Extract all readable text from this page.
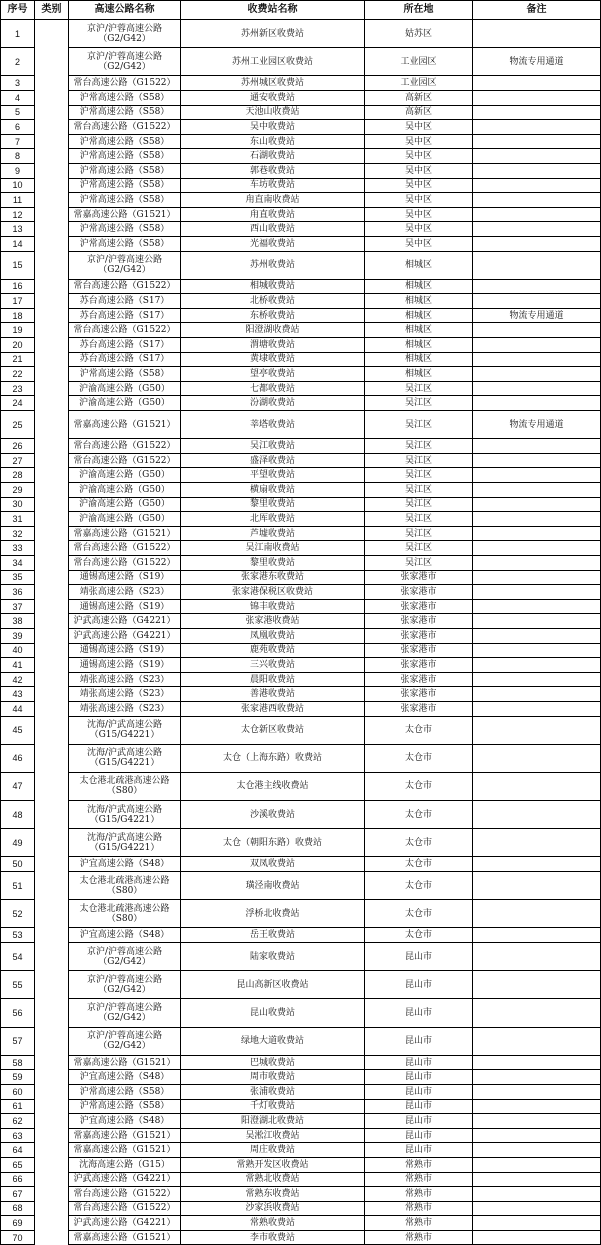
序号	类别	高速公路名称	收费站名称	所在地	备注
1		京沪/沪蓉高速公路（G2/G42）	苏州新区收费站	姑苏区	
2		京沪/沪蓉高速公路（G2/G42）	苏州工业园区收费站	工业园区	物流专用通道
3		常台高速公路（G1522）	苏州城区收费站	工业园区	
4		沪常高速公路（S58）	通安收费站	高新区	
5		沪常高速公路（S58）	天池山收费站	高新区	
6		常台高速公路（G1522）	吴中收费站	吴中区	
7		沪常高速公路（S58）	东山收费站	吴中区	
8		沪常高速公路（S58）	石湖收费站	吴中区	
9		沪常高速公路（S58）	郭巷收费站	吴中区	
10		沪常高速公路（S58）	车坊收费站	吴中区	
11		沪常高速公路（S58）	甪直南收费站	吴中区	
12		常嘉高速公路（G1521）	甪直收费站	吴中区	
13		沪常高速公路（S58）	西山收费站	吴中区	
14		沪常高速公路（S58）	光福收费站	吴中区	
15		京沪/沪蓉高速公路（G2/G42）	苏州收费站	相城区	
16		常台高速公路（G1522）	相城收费站	相城区	
17		苏台高速公路（S17）	北桥收费站	相城区	
18		苏台高速公路（S17）	东桥收费站	相城区	物流专用通道
19		常台高速公路（G1522）	阳澄湖收费站	相城区	
20		苏台高速公路（S17）	渭塘收费站	相城区	
21		苏台高速公路（S17）	黄埭收费站	相城区	
22		沪常高速公路（S58）	望亭收费站	相城区	
23		沪渝高速公路（G50）	七都收费站	吴江区	
24		沪渝高速公路（G50）	汾湖收费站	吴江区	
25		常嘉高速公路（G1521）	莘塔收费站	吴江区	物流专用通道
26		常台高速公路（G1522）	吴江收费站	吴江区	
27		常台高速公路（G1522）	盛泽收费站	吴江区	
28		沪渝高速公路（G50）	平望收费站	吴江区	
29		沪渝高速公路（G50）	横扇收费站	吴江区	
30		沪渝高速公路（G50）	黎里收费站	吴江区	
31		沪渝高速公路（G50）	北厍收费站	吴江区	
32		常嘉高速公路（G1521）	芦墟收费站	吴江区	
33		常台高速公路（G1522）	吴江南收费站	吴江区	
34		常台高速公路（G1522）	黎里收费站	吴江区	
35		通锡高速公路（S19）	张家港东收费站	张家港市	
36		靖张高速公路（S23）	张家港保税区收费站	张家港市	
37		通锡高速公路（S19）	锦丰收费站	张家港市	
38		沪武高速公路（G4221）	张家港收费站	张家港市	
39		沪武高速公路（G4221）	凤凰收费站	张家港市	
40		通锡高速公路（S19）	鹿苑收费站	张家港市	
41		通锡高速公路（S19）	三兴收费站	张家港市	
42		靖张高速公路（S23）	晨阳收费站	张家港市	
43		靖张高速公路（S23）	善港收费站	张家港市	
44		靖张高速公路（S23）	张家港西收费站	张家港市	
45		沈海/沪武高速公路（G15/G4221）	太仓新区收费站	太仓市	
46		沈海/沪武高速公路（G15/G4221）	太仓（上海东路）收费站	太仓市	
47		太仓港北疏港高速公路（S80）	太仓港主线收费站	太仓市	
48		沈海/沪武高速公路（G15/G4221）	沙溪收费站	太仓市	
49		沈海/沪武高速公路（G15/G4221）	太仓（朝阳东路）收费站	太仓市	
50		沪宜高速公路（S48）	双凤收费站	太仓市	
51		太仓港北疏港高速公路（S80）	璜泾南收费站	太仓市	
52		太仓港北疏港高速公路（S80）	浮桥北收费站	太仓市	
53		沪宜高速公路（S48）	岳王收费站	太仓市	
54		京沪/沪蓉高速公路（G2/G42）	陆家收费站	昆山市	
55		京沪/沪蓉高速公路（G2/G42）	昆山高新区收费站	昆山市	
56		京沪/沪蓉高速公路（G2/G42）	昆山收费站	昆山市	
57		京沪/沪蓉高速公路（G2/G42）	绿地大道收费站	昆山市	
58		常嘉高速公路（G1521）	巴城收费站	昆山市	
59		沪宜高速公路（S48）	周市收费站	昆山市	
60		沪常高速公路（S58）	张浦收费站	昆山市	
61		沪常高速公路（S58）	千灯收费站	昆山市	
62		沪宜高速公路（S48）	阳澄湖北收费站	昆山市	
63		常嘉高速公路（G1521）	吴淞江收费站	昆山市	
64		常嘉高速公路（G1521）	周庄收费站	昆山市	
65		沈海高速公路（G15）	常熟开发区收费站	常熟市	
66		沪武高速公路（G4221）	常熟北收费站	常熟市	
67		常台高速公路（G1522）	常熟东收费站	常熟市	
68		常台高速公路（G1522）	沙家浜收费站	常熟市	
69		沪武高速公路（G4221）	常熟收费站	常熟市	
70		常嘉高速公路（G1521）	李市收费站	常熟市	
